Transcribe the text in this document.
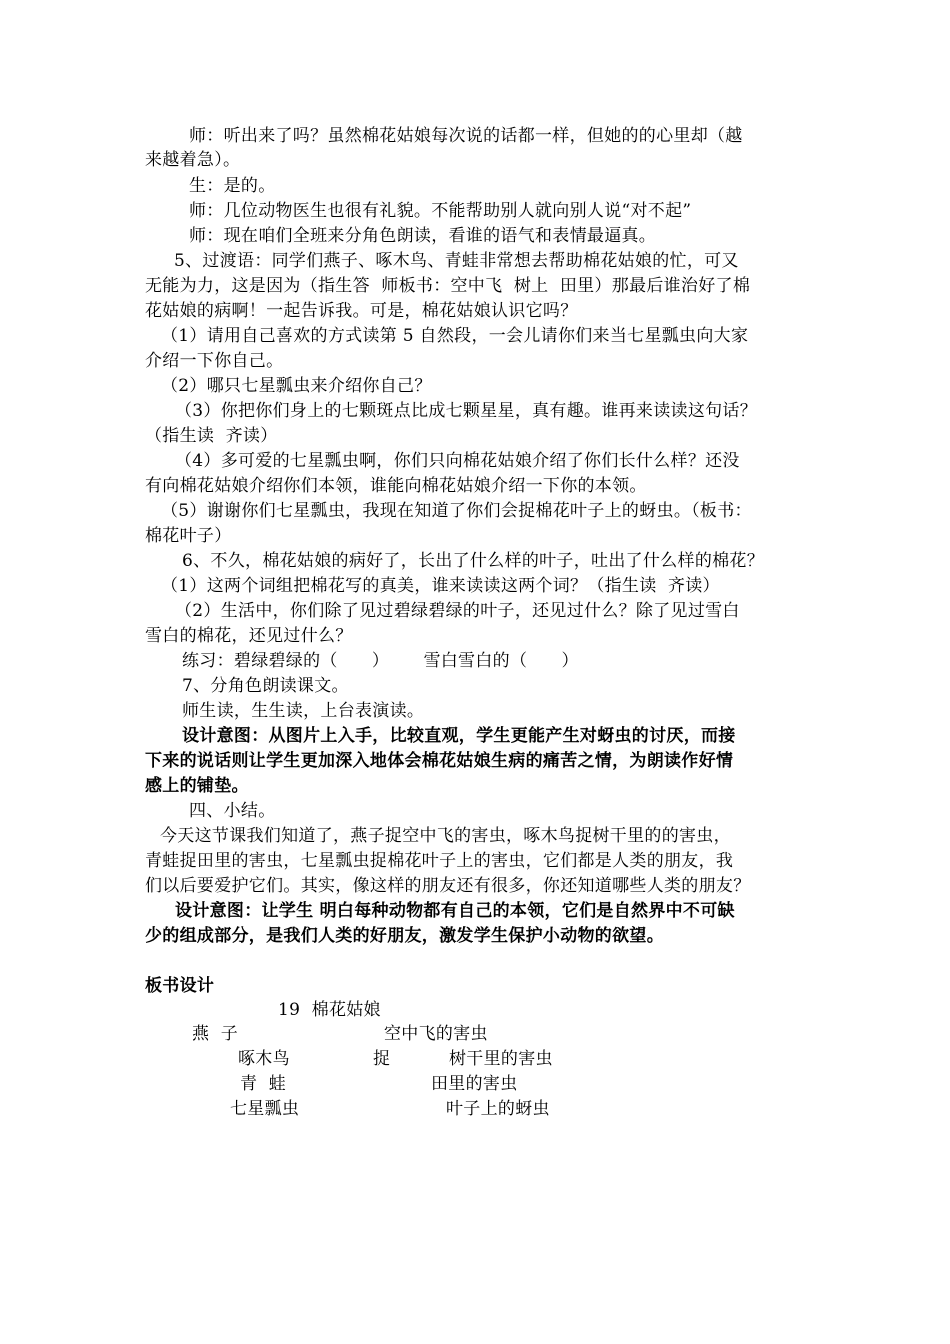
师：听出来了吗？虽然棉花姑娘每次说的话都一样，但她的的心里却（越
来越着急）。
生：是的。
师：几位动物医生也很有礼貌。不能帮助别人就向别人说“对不起”
师：现在咱们全班来分角色朗读，看谁的语气和表情最逼真。
5、过渡语：同学们燕子、啄木鸟、青蛙非常想去帮助棉花姑娘的忙，可又
无能为力，这是因为（指生答  师板书：空中飞  树上  田里）那最后谁治好了棉
花姑娘的病啊！一起告诉我。可是，棉花姑娘认识它吗？
（1）请用自己喜欢的方式读第 5 自然段，一会儿请你们来当七星瓢虫向大家
介绍一下你自己。
（2）哪只七星瓢虫来介绍你自己？
（3）你把你们身上的七颗斑点比成七颗星星，真有趣。谁再来读读这句话？
（指生读  齐读）
（4）多可爱的七星瓢虫啊，你们只向棉花姑娘介绍了你们长什么样？还没
有向棉花姑娘介绍你们本领，谁能向棉花姑娘介绍一下你的本领。
（5）谢谢你们七星瓢虫，我现在知道了你们会捉棉花叶子上的蚜虫。（板书：
棉花叶子）
6、不久，棉花姑娘的病好了，长出了什么样的叶子，吐出了什么样的棉花？
（1）这两个词组把棉花写的真美，谁来读读这两个词？（指生读  齐读）
（2）生活中，你们除了见过碧绿碧绿的叶子，还见过什么？除了见过雪白
雪白的棉花，还见过什么？
练习：碧绿碧绿的（      ）      雪白雪白的（      ）
7、分角色朗读课文。
师生读，生生读，上台表演读。
设计意图：从图片上入手，比较直观，学生更能产生对蚜虫的讨厌，而接
下来的说话则让学生更加深入地体会棉花姑娘生病的痛苦之情，为朗读作好情
感上的铺垫。
四、小结。
今天这节课我们知道了，燕子捉空中飞的害虫，啄木鸟捉树干里的的害虫，
青蛙捉田里的害虫，七星瓢虫捉棉花叶子上的害虫，它们都是人类的朋友，我
们以后要爱护它们。其实，像这样的朋友还有很多，你还知道哪些人类的朋友？
设计意图：让学生 明白每种动物都有自己的本领，它们是自然界中不可缺
少的组成部分，是我们人类的好朋友，激发学生保护小动物的欲望。
板书设计
19  棉花姑娘
燕  子	空中飞的害虫
啄木鸟	捉	树干里的害虫
青  蛙	田里的害虫
七星瓢虫	叶子上的蚜虫
